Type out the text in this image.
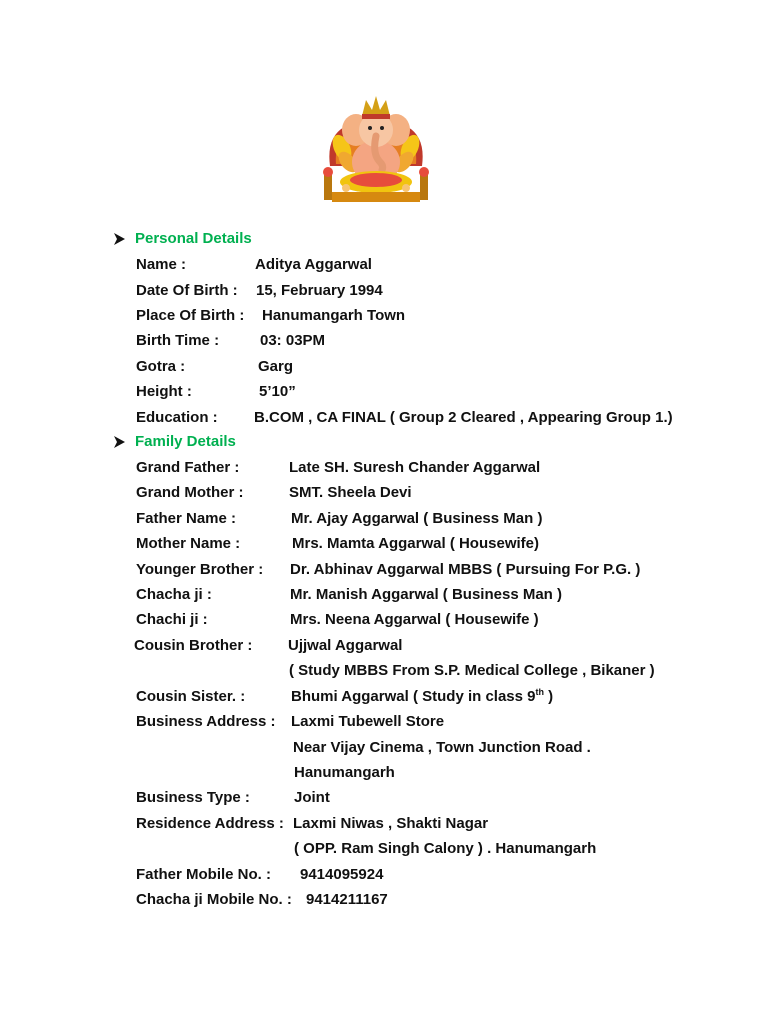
Personal Details
Name :	Aditya Aggarwal
Date Of Birth : 15, February 1994
Place Of Birth : Hanumangarh Town
Birth Time :	03: 03PM
Gotra :	Garg
Height :	5’10”
Education : B.COM , CA FINAL ( Group 2 Cleared , Appearing Group 1.)
Family Details
Grand Father :	Late SH. Suresh Chander Aggarwal
Grand Mother :	SMT. Sheela Devi
Father Name :	Mr. Ajay Aggarwal ( Business Man )
Mother Name :	Mrs. Mamta Aggarwal ( Housewife)
Younger Brother : Dr. Abhinav Aggarwal MBBS ( Pursuing For P.G. )
Chacha ji :	Mr. Manish Aggarwal ( Business Man )
Chachi ji :	Mrs. Neena Aggarwal ( Housewife )
Cousin Brother : Ujjwal Aggarwal
( Study MBBS From S.P. Medical College , Bikaner )
Cousin Sister. :	Bhumi Aggarwal ( Study in class 9th )
Business Address : Laxmi Tubewell Store
Near Vijay Cinema , Town Junction Road .
Hanumangarh
Business Type :	Joint
Residence Address : Laxmi Niwas , Shakti Nagar
( OPP. Ram Singh Calony ) . Hanumangarh
Father Mobile No. : 9414095924
Chacha ji Mobile No. : 9414211167
